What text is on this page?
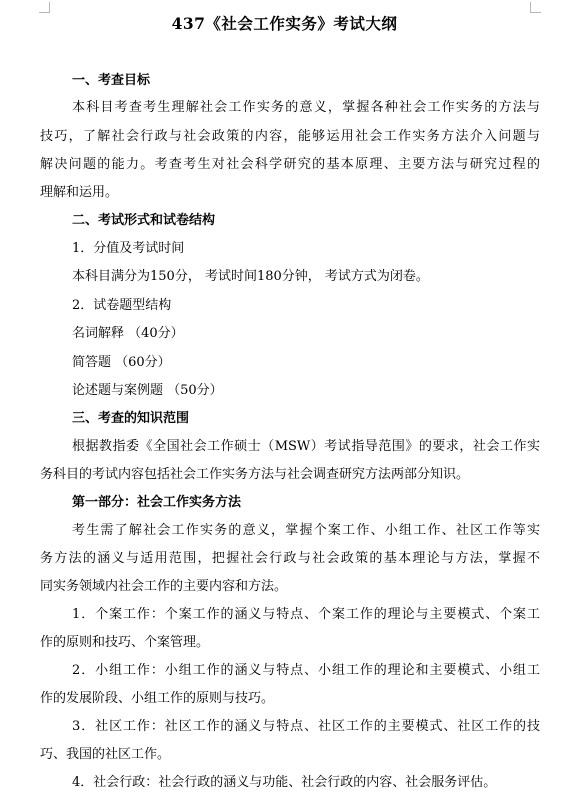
437《社会工作实务》考试大纲
一、考查目标
本科目考查考生理解社会工作实务的意义，掌握各种社会工作实务的方法与
技巧，了解社会行政与社会政策的内容，能够运用社会工作实务方法介入问题与
解决问题的能力。考查考生对社会科学研究的基本原理、主要方法与研究过程的
理解和运用。
二、考试形式和试卷结构
1．分值及考试时间
本科目满分为150分， 考试时间180分钟， 考试方式为闭卷。
2．试卷题型结构
名词解释 （40分）
简答题 （60分）
论述题与案例题 （50分）
三、考查的知识范围
根据教指委《全国社会工作硕士（MSW）考试指导范围》的要求，社会工作实
务科目的考试内容包括社会工作实务方法与社会调查研究方法两部分知识。
第一部分：社会工作实务方法
考生需了解社会工作实务的意义，掌握个案工作、小组工作、社区工作等实
务方法的涵义与适用范围，把握社会行政与社会政策的基本理论与方法，掌握不
同实务领域内社会工作的主要内容和方法。
1．个案工作：个案工作的涵义与特点、个案工作的理论与主要模式、个案工
作的原则和技巧、个案管理。
2．小组工作：小组工作的涵义与特点、小组工作的理论和主要模式、小组工
作的发展阶段、小组工作的原则与技巧。
3．社区工作：社区工作的涵义与特点、社区工作的主要模式、社区工作的技
巧、我国的社区工作。
4．社会行政：社会行政的涵义与功能、社会行政的内容、社会服务评估。
